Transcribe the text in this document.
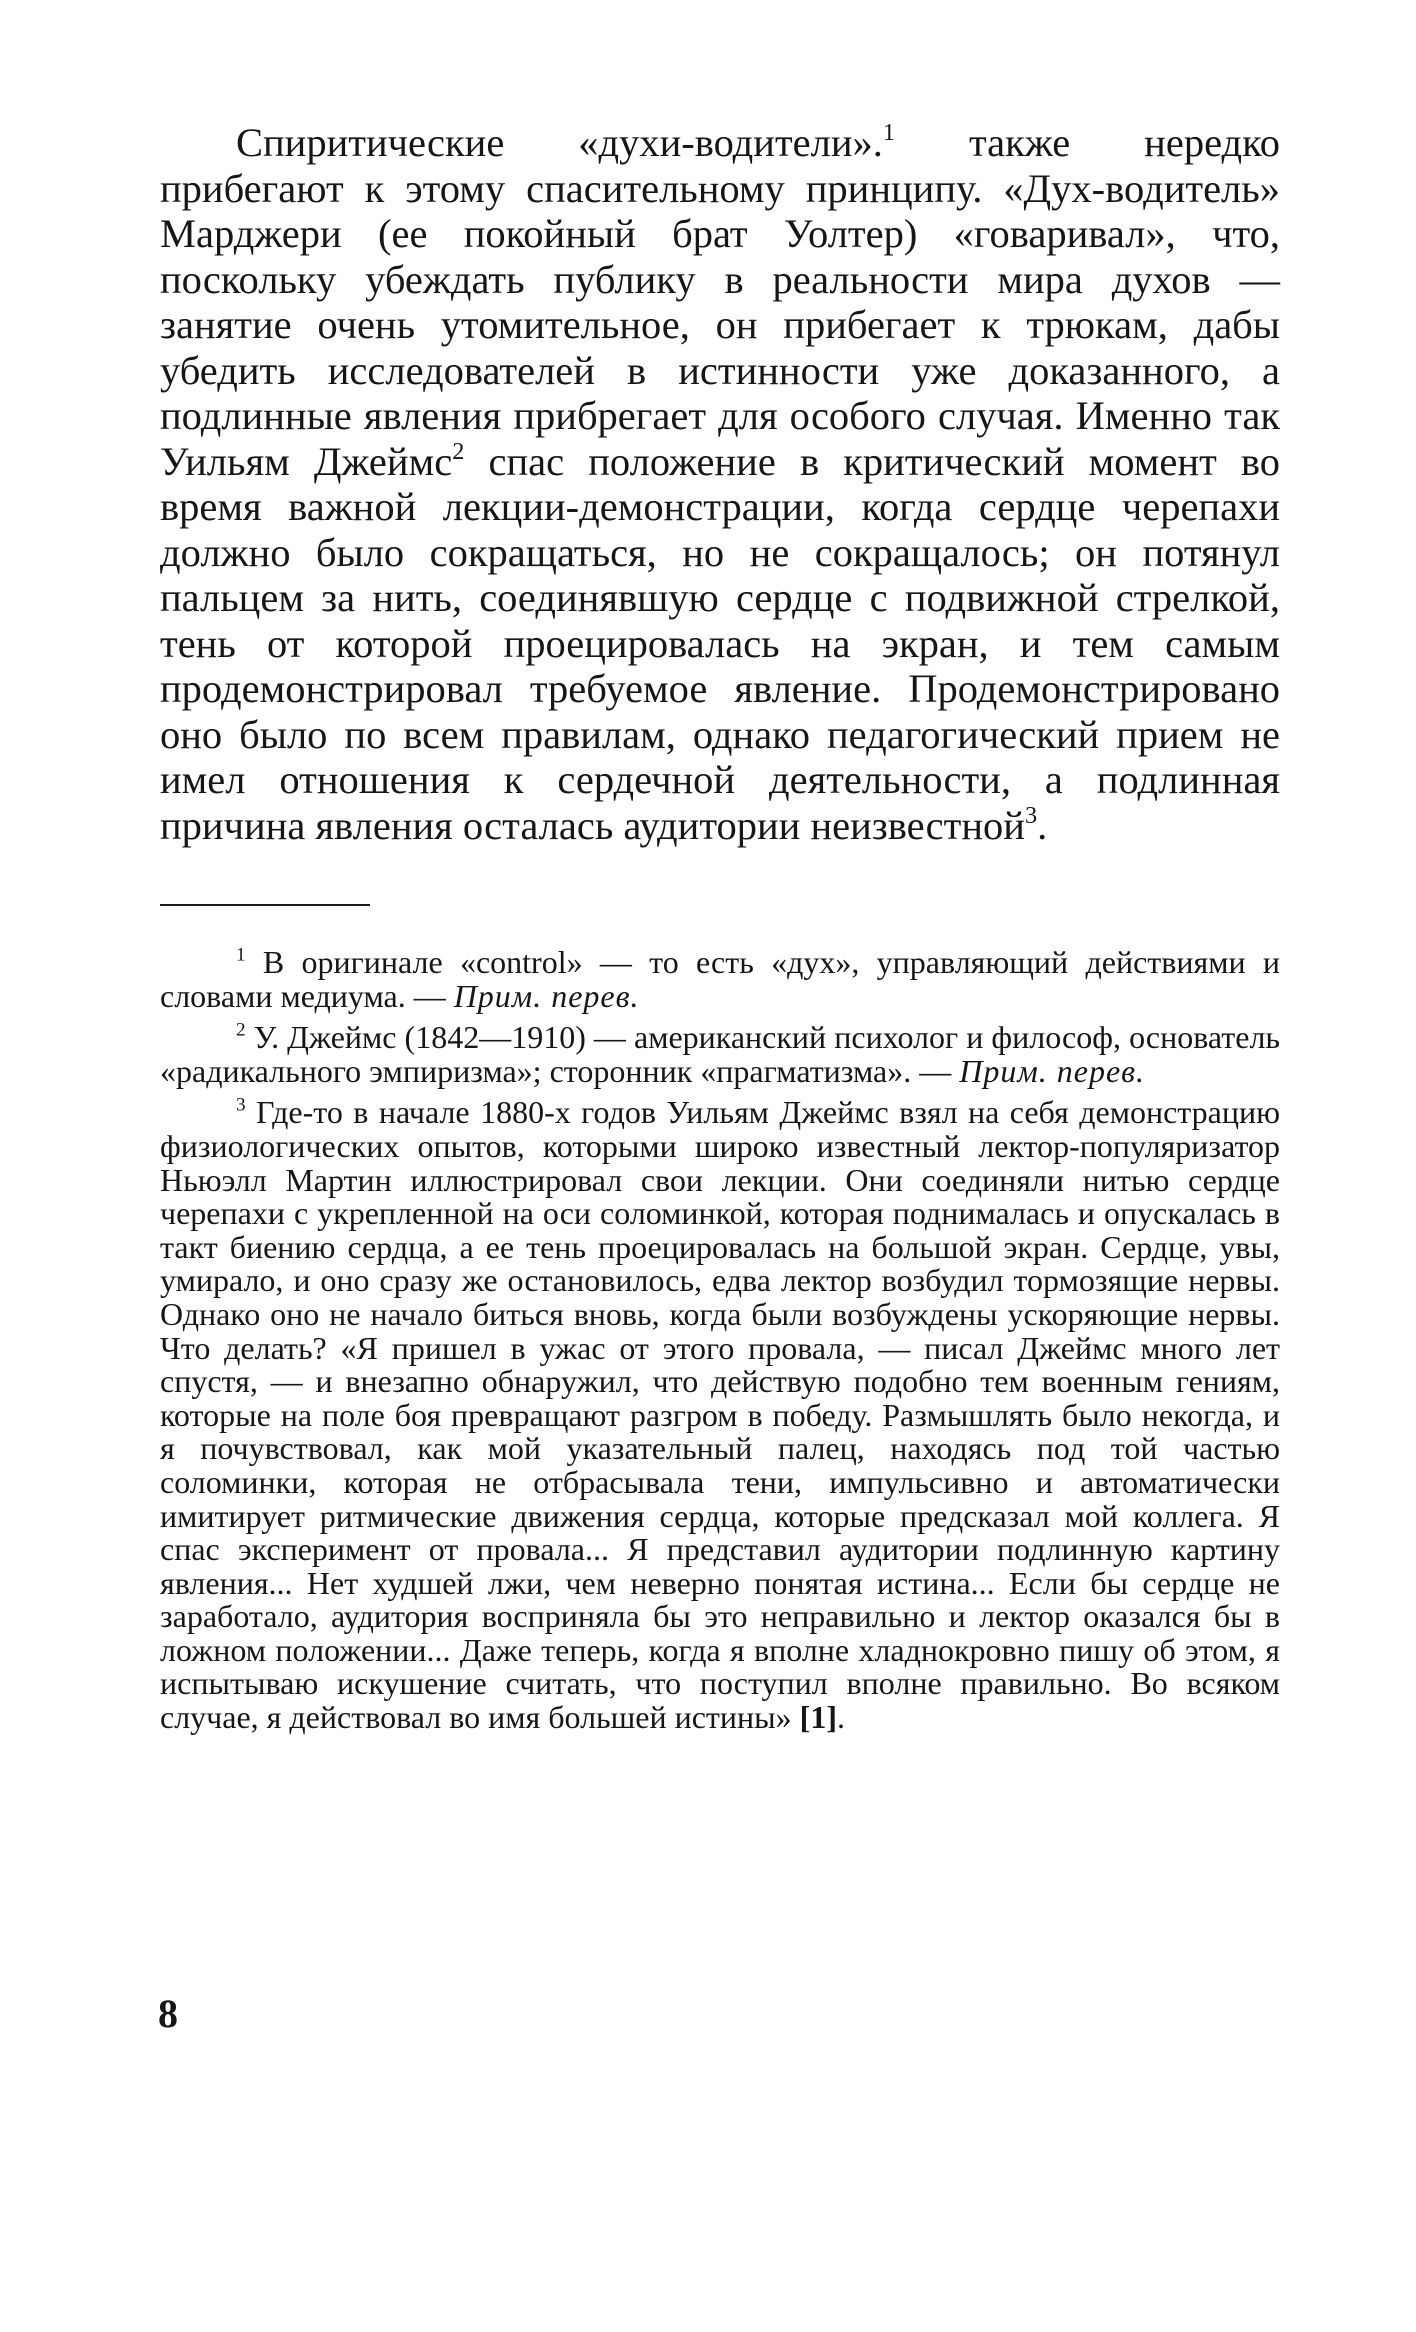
Спиритические «духи-водители».$^1$ также нередко прибегают к этому спасительному принципу. «Дух-водитель» Марджери (ее покойный брат Уолтер) «говаривал», что, поскольку убеждать публику в реальности мира духов — занятие очень утомительное, он прибегает к трюкам, дабы убедить исследователей в истинности уже доказанного, а подлинные явления прибрегает для особого случая. Именно так Уильям Джеймс$^2$ спас положение в критический момент во время важной лекции-демонстрации, когда сердце черепахи должно было сокращаться, но не сокращалось; он потянул пальцем за нить, соединявшую сердце с подвижной стрелкой, тень от которой проецировалась на экран, и тем самым продемонстрировал требуемое явление. Продемонстрировано оно было по всем правилам, однако педагогический прием не имел отношения к сердечной деятельности, а подлинная причина явления осталась аудитории неизвестной$^3$.

$^1$ В оригинале «control» — то есть «дух», управляющий действиями и словами медиума. — Прим. перев.

$^2$ У. Джеймс (1842—1910) — американский психолог и философ, основатель «радикального эмпиризма»; сторонник «прагматизма». — Прим. перев.

$^3$ Где-то в начале 1880-х годов Уильям Джеймс взял на себя демонстрацию физиологических опытов, которыми широко известный лектор-популяризатор Ньюэлл Мартин иллюстрировал свои лекции. Они соединяли нитью сердце черепахи с укрепленной на оси соломинкой, которая поднималась и опускалась в такт биению сердца, а ее тень проецировалась на большой экран. Сердце, увы, умирало, и оно сразу же остановилось, едва лектор возбудил тормозящие нервы. Однако оно не начало биться вновь, когда были возбуждены ускоряющие нервы. Что делать? «Я пришел в ужас от этого провала, — писал Джеймс много лет спустя, — и внезапно обнаружил, что действую подобно тем военным гениям, которые на поле боя превращают разгром в победу. Размышлять было некогда, и я почувствовал, как мой указательный палец, находясь под той частью соломинки, которая не отбрасывала тени, импульсивно и автоматически имитирует ритмические движения сердца, которые предсказал мой коллега. Я спас эксперимент от провала... Я представил аудитории подлинную картину явления... Нет худшей лжи, чем неверно понятая истина... Если бы сердце не заработало, аудитория восприняла бы это неправильно и лектор оказался бы в ложном положении... Даже теперь, когда я вполне хладнокровно пишу об этом, я испытываю искушение считать, что поступил вполне правильно. Во всяком случае, я действовал во имя большей истины» [1].

8
